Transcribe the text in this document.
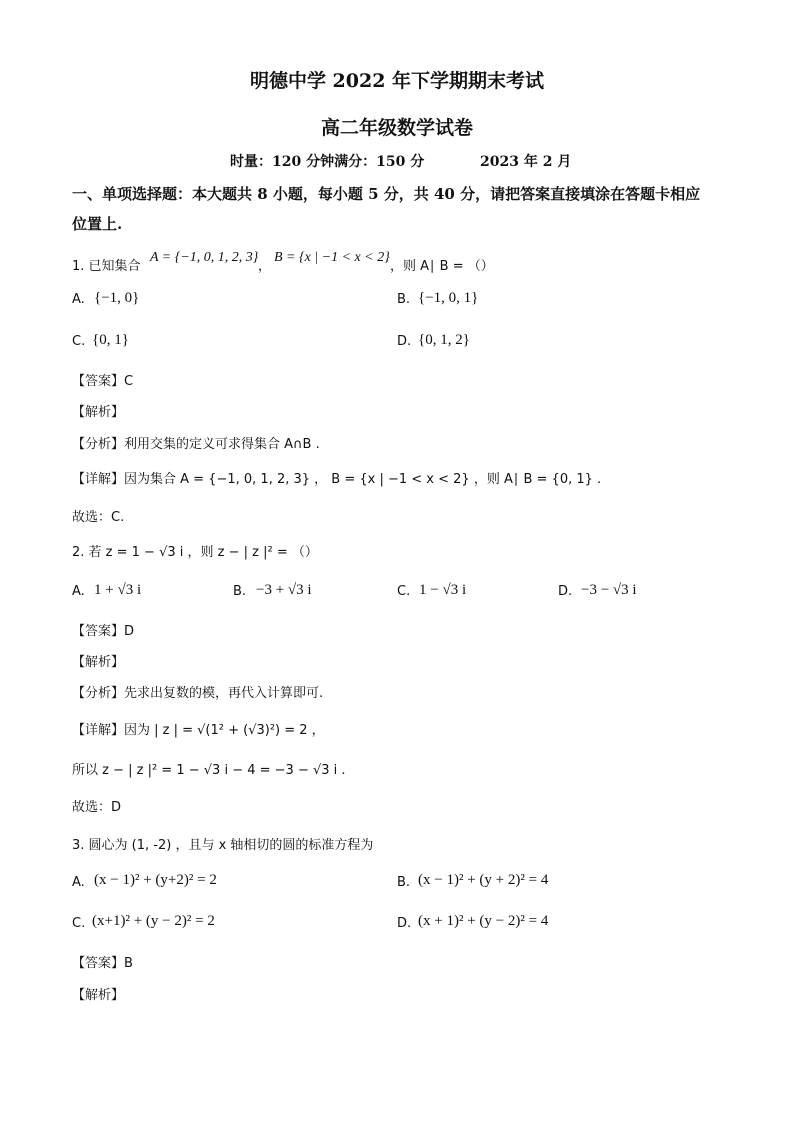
明德中学 2022 年下学期期末考试
高二年级数学试卷
时量：120 分钟满分：150 分	2023 年 2 月
一、单项选择题：本大题共 8 小题，每小题 5 分，共 40 分，请把答案直接填涂在答题卡相应
位置上.
1. 已知集合
A = {−1, 0, 1, 2, 3}
，
B = {x | −1 < x < 2}
，则 A∣ B = （）
A. {−1, 0}	B. {−1, 0, 1}
C. {0, 1}	D. {0, 1, 2}
【答案】C
【解析】
【分析】利用交集的定义可求得集合 A∩B .
【详解】因为集合 A = {−1, 0, 1, 2, 3} ， B = {x | −1 < x < 2} ，则 A∣ B = {0, 1} .
故选：C.
2. 若 z = 1 − √3 i ，则 z − | z |² = （）
A. 1 + √3 i	B. −3 + √3 i	C. 1 − √3 i	D. −3 − √3 i
【答案】D
【解析】
【分析】先求出复数的模，再代入计算即可.
【详解】因为 | z | = √(1² + (√3)²) = 2 ，
所以 z − | z |² = 1 − √3 i − 4 = −3 − √3 i .
故选：D
3. 圆心为 (1, -2) ，且与 x 轴相切的圆的标准方程为
A. (x − 1)² + (y+2)² = 2	B. (x − 1)² + (y + 2)² = 4
C. (x+1)² + (y − 2)² = 2	D. (x + 1)² + (y − 2)² = 4
【答案】B
【解析】
